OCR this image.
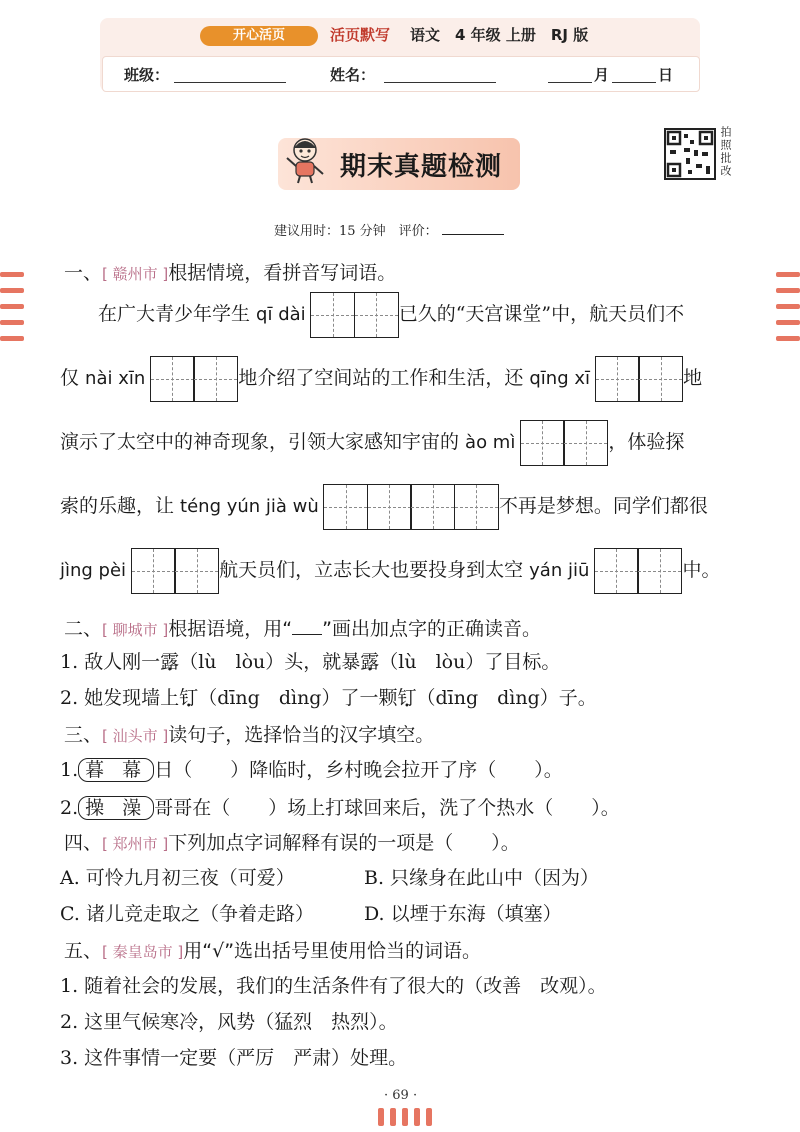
开心活页	活页默写 语文　4 年级 上册　RJ 版
班级：	姓名：	月	日
期末真题检测	拍照批改
建议用时：15 分钟　评价：
一、[ 赣州市 ]根据情境，看拼音写词语。
在广大青少年学生 qī dài	已久的“天宫课堂”中，航天员们不
仅 nài xīn	地介绍了空间站的工作和生活，还 qīng xī	地
演示了太空中的神奇现象，引领大家感知宇宙的 ào mì	，体验探
索的乐趣，让 téng yún jià wù	不再是梦想。同学们都很
jìng pèi	航天员们，立志长大也要投身到太空 yán jiū	中。
二、[ 聊城市 ]根据语境，用“ ”画出加点字的正确读音。
1. 敌人刚一露（lù　lòu）头，就暴露（lù　lòu）了目标。
2. 她发现墙上钉（dīng　dìng）了一颗钉（dīng　dìng）子。
三、[ 汕头市 ]读句子，选择恰当的汉字填空。
1. 暮 幕 日（　　）降临时，乡村晚会拉开了序（　　）。
2. 操 澡 哥哥在（　　）场上打球回来后，洗了个热水（　　）。
四、[ 郑州市 ]下列加点字词解释有误的一项是（　　）。
A. 可怜九月初三夜（可爱）	B. 只缘身在此山中（因为）
C. 诸儿竞走取之（争着走路）	D. 以堙于东海（填塞）
五、[ 秦皇岛市 ]用“√”选出括号里使用恰当的词语。
1. 随着社会的发展，我们的生活条件有了很大的（改善　改观）。
2. 这里气候寒冷，风势（猛烈　热烈）。
3. 这件事情一定要（严厉　严肃）处理。
· 69 ·
